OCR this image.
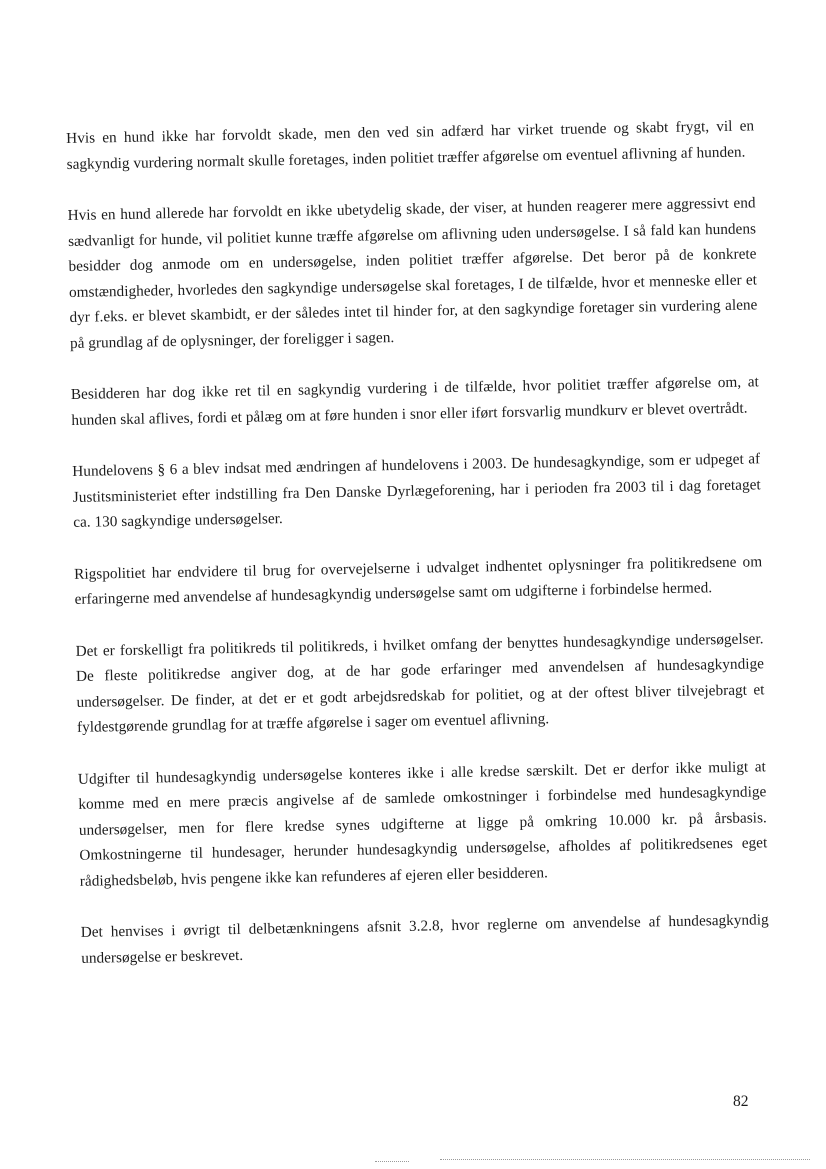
Hvis en hund ikke har forvoldt skade, men den ved sin adfærd har virket truende og skabt frygt, vil en sagkyndig vurdering normalt skulle foretages, inden politiet træffer afgørelse om eventuel aflivning af hunden.

Hvis en hund allerede har forvoldt en ikke ubetydelig skade, der viser, at hunden reagerer mere aggressivt end sædvanligt for hunde, vil politiet kunne træffe afgørelse om aflivning uden undersøgelse. I så fald kan hundens besidder dog anmode om en undersøgelse, inden politiet træffer afgørelse. Det beror på de konkrete omstændigheder, hvorledes den sagkyndige undersøgelse skal foretages, I de tilfælde, hvor et menneske eller et dyr f.eks. er blevet skambidt, er der således intet til hinder for, at den sagkyndige foretager sin vurdering alene på grundlag af de oplysninger, der foreligger i sagen.

Besidderen har dog ikke ret til en sagkyndig vurdering i de tilfælde, hvor politiet træffer afgørelse om, at hunden skal aflives, fordi et pålæg om at føre hunden i snor eller iført forsvarlig mundkurv er blevet overtrådt.

Hundelovens § 6 a blev indsat med ændringen af hundelovens i 2003. De hundesagkyndige, som er udpeget af Justitsministeriet efter indstilling fra Den Danske Dyrlægeforening, har i perioden fra 2003 til i dag foretaget ca. 130 sagkyndige undersøgelser.

Rigspolitiet har endvidere til brug for overvejelserne i udvalget indhentet oplysninger fra politikredsene om erfaringerne med anvendelse af hundesagkyndig undersøgelse samt om udgifterne i forbindelse hermed.

Det er forskelligt fra politikreds til politikreds, i hvilket omfang der benyttes hundesagkyndige undersøgelser. De fleste politikredse angiver dog, at de har gode erfaringer med anvendelsen af hundesagkyndige undersøgelser. De finder, at det er et godt arbejdsredskab for politiet, og at der oftest bliver tilvejebragt et fyldestgørende grundlag for at træffe afgørelse i sager om eventuel aflivning.

Udgifter til hundesagkyndig undersøgelse konteres ikke i alle kredse særskilt. Det er derfor ikke muligt at komme med en mere præcis angivelse af de samlede omkostninger i forbindelse med hundesagkyndige undersøgelser, men for flere kredse synes udgifterne at ligge på omkring 10.000 kr. på årsbasis. Omkostningerne til hundesager, herunder hundesagkyndig undersøgelse, afholdes af politikredsenes eget rådighedsbeløb, hvis pengene ikke kan refunderes af ejeren eller besidderen.

Det henvises i øvrigt til delbetænkningens afsnit 3.2.8, hvor reglerne om anvendelse af hundesagkyndig undersøgelse er beskrevet.

82
